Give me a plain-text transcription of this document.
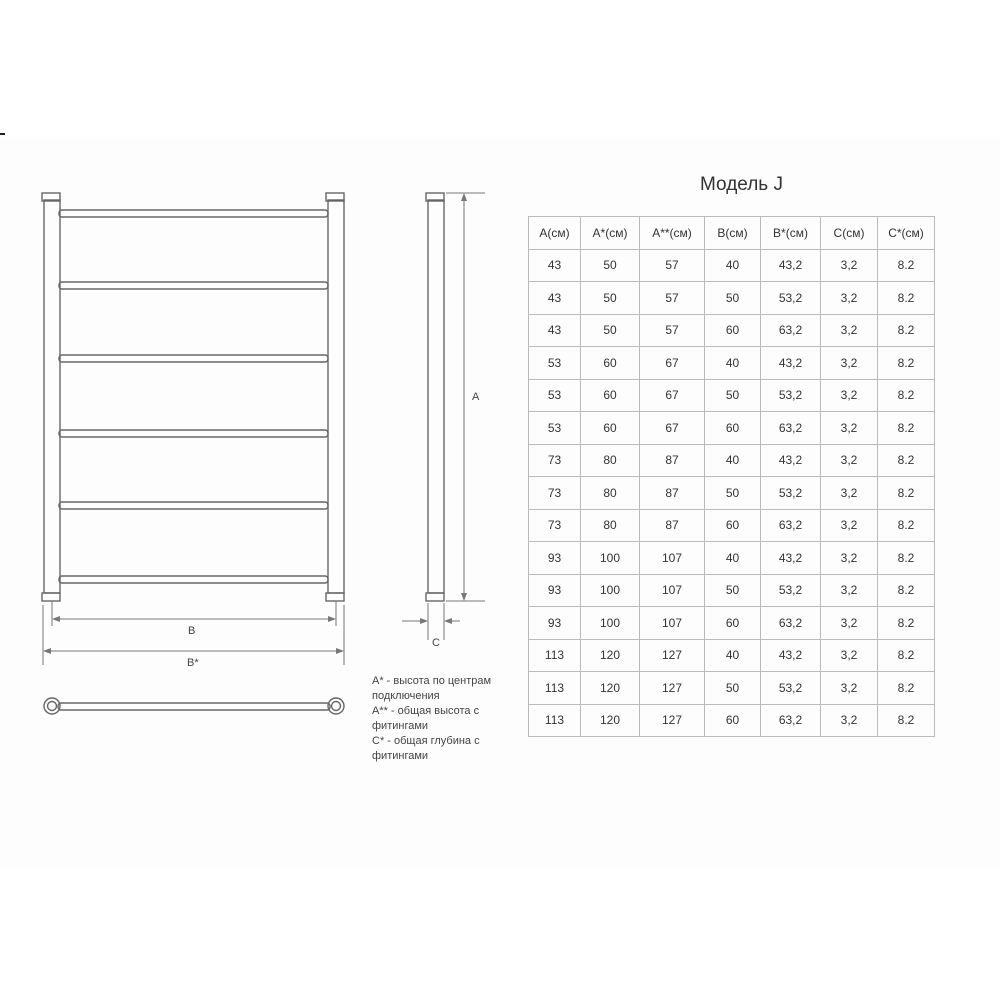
B
B*
A
C
A* - высота по центрам подключения
A** - общая высота с фитингами
C* - общая глубина с фитингами
Модель J
A(см)	A*(см)	A**(см)	B(см)	B*(см)	C(см)	C*(см)
43	50	57	40	43,2	3,2	8.2
43	50	57	50	53,2	3,2	8.2
43	50	57	60	63,2	3,2	8.2
53	60	67	40	43,2	3,2	8.2
53	60	67	50	53,2	3,2	8.2
53	60	67	60	63,2	3,2	8.2
73	80	87	40	43,2	3,2	8.2
73	80	87	50	53,2	3,2	8.2
73	80	87	60	63,2	3,2	8.2
93	100	107	40	43,2	3,2	8.2
93	100	107	50	53,2	3,2	8.2
93	100	107	60	63,2	3,2	8.2
113	120	127	40	43,2	3,2	8.2
113	120	127	50	53,2	3,2	8.2
113	120	127	60	63,2	3,2	8.2
